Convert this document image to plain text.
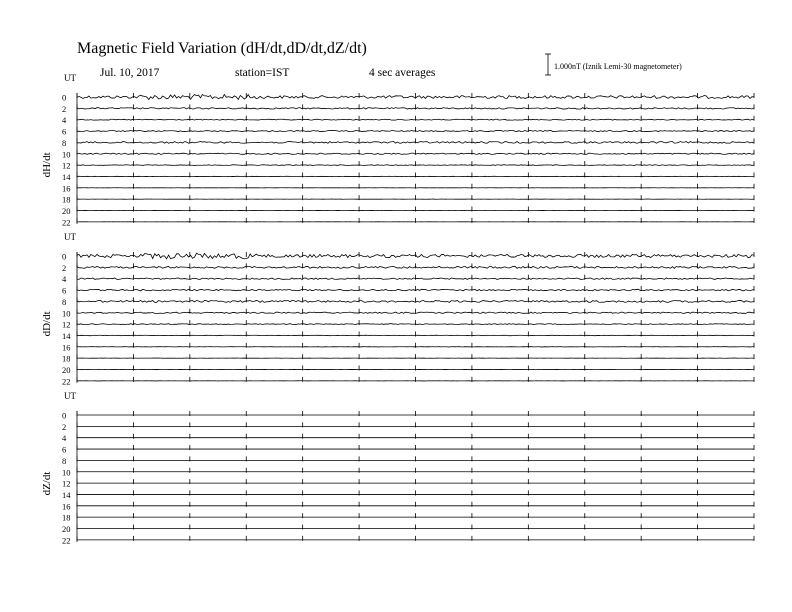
Magnetic Field Variation (dH/dt,dD/dt,dZ/dt)
Jul. 10, 2017	station=IST	4 sec averages
1.000nT (Iznik Lemi-30 magnetometer)
UT
dH/dt
0
2
4
6
8
10
12
14
16
18
20
22
UT
dD/dt
0
2
4
6
8
10
12
14
16
18
20
22
UT
dZ/dt
0
2
4
6
8
10
12
14
16
18
20
22
